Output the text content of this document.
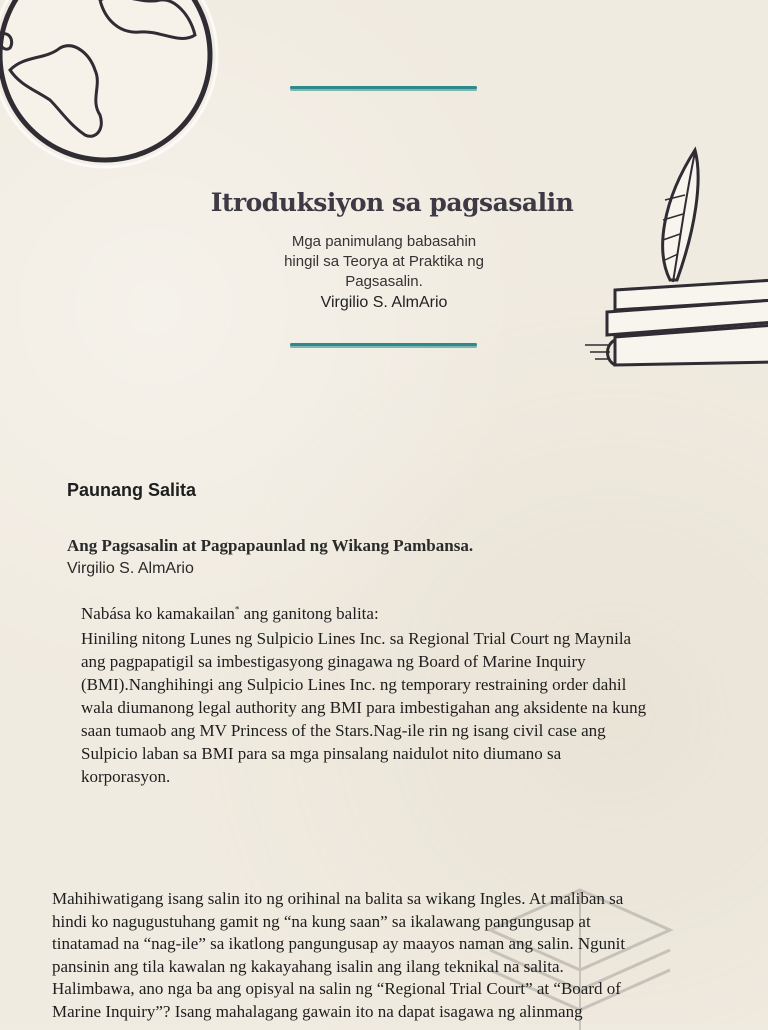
Itroduksiyon sa pagsasalin
Mga panimulang babasahin
hingil sa Teorya at Praktika ng
Pagsasalin.
Virgilio S. AlmArio
Paunang Salita
Ang Pagsasalin at Pagpapaunlad ng Wikang Pambansa.
Virgilio S. AlmArio
Nabása ko kamakailan* ang ganitong balita:
Hiniling nitong Lunes ng Sulpicio Lines Inc. sa Regional Trial Court ng Maynila
ang pagpapatigil sa imbestigasyong ginagawa ng Board of Marine Inquiry
(BMI).Nanghihingi ang Sulpicio Lines Inc. ng temporary restraining order dahil
wala diumanong legal authority ang BMI para imbestigahan ang aksidente na kung
saan tumaob ang MV Princess of the Stars.Nag-ile rin ng isang civil case ang
Sulpicio laban sa BMI para sa mga pinsalang naidulot nito diumano sa
korporasyon.
Mahihiwatigang isang salin ito ng orihinal na balita sa wikang Ingles. At maliban sa
hindi ko nagugustuhang gamit ng “na kung saan” sa ikalawang pangungusap at
tinatamad na “nag-ile” sa ikatlong pangungusap ay maayos naman ang salin. Ngunit
pansinin ang tila kawalan ng kakayahang isalin ang ilang teknikal na salita.
Halimbawa, ano nga ba ang opisyal na salin ng “Regional Trial Court” at “Board of
Marine Inquiry”? Isang mahalagang gawain ito na dapat isagawa ng alinmang
